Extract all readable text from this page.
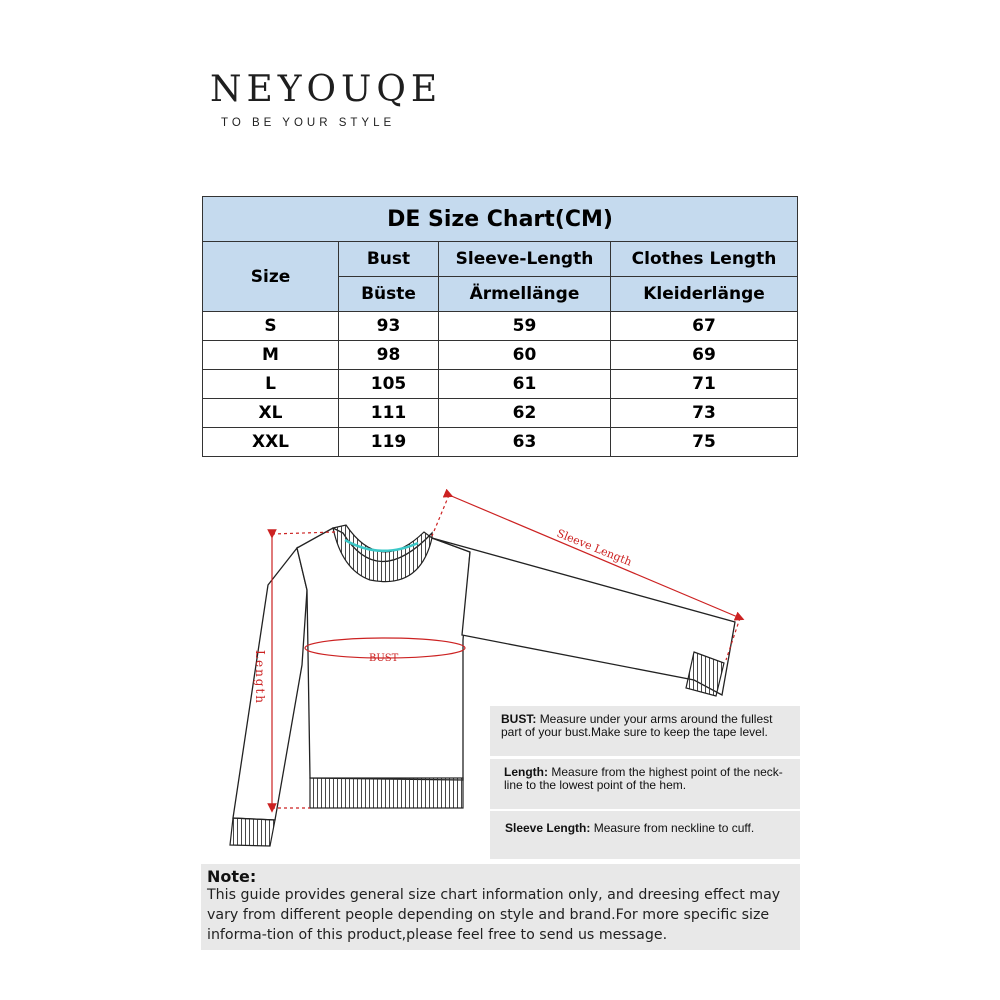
NEYOUQE
TO BE YOUR STYLE
DE Size Chart(CM)			
Size	Bust	Sleeve-Length	Clothes Length
	Büste	Ärmellänge	Kleiderlänge
S	93	59	67
M	98	60	69
L	105	61	71
XL	111	62	73
XXL	119	63	75
Sleeve Length
BUST
Length
BUST: Measure under your arms around the fullest part of your bust.Make sure to keep the tape level.
Length: Measure from the highest point of the neck-line to the lowest point of the hem.
Sleeve Length: Measure from neckline to cuff.
Note:
This guide provides general size chart information only, and dreesing effect may vary from different people depending on style and brand.For more specific size informa-tion of this product,please feel free to send us message.
